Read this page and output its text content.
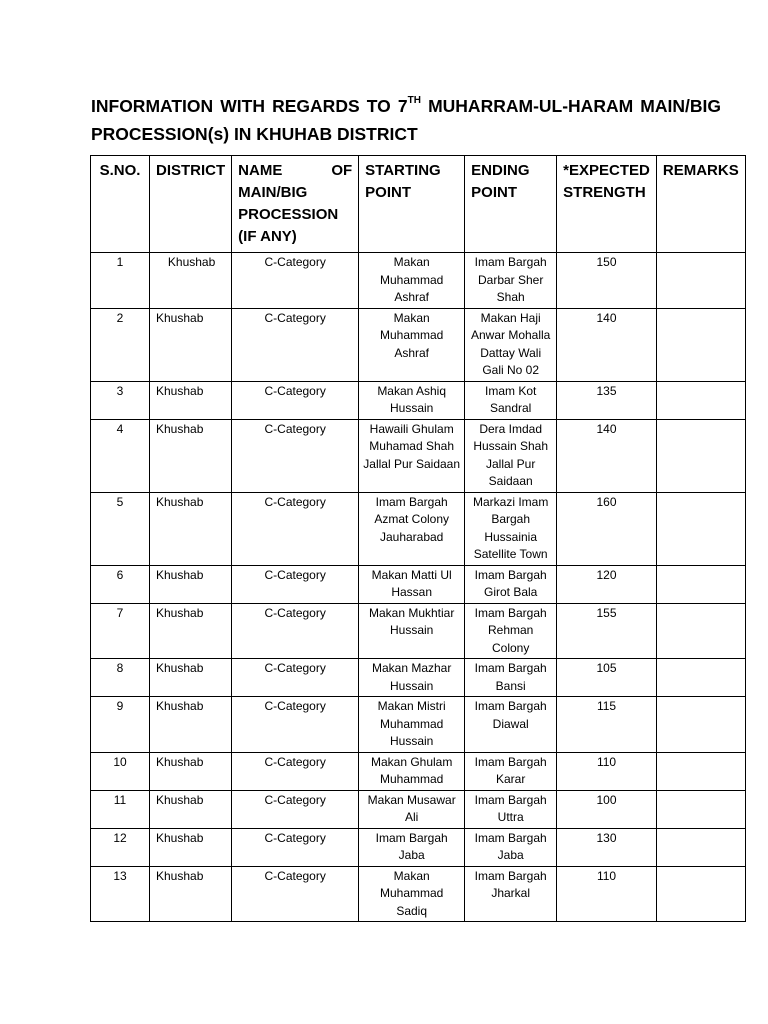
INFORMATION WITH REGARDS TO 7TH MUHARRAM-UL-HARAM MAIN/BIG PROCESSION(s) IN KHUHAB DISTRICT
S.NO.	DISTRICT	NAME OF MAIN/BIG PROCESSION (IF ANY)	STARTING POINT	ENDING POINT	*EXPECTED STRENGTH	REMARKS
1	Khushab	C-Category	Makan Muhammad Ashraf	Imam Bargah Darbar Sher Shah	150	
2	Khushab	C-Category	Makan Muhammad Ashraf	Makan Haji Anwar Mohalla Dattay Wali Gali No 02	140	
3	Khushab	C-Category	Makan Ashiq Hussain	Imam Kot Sandral	135	
4	Khushab	C-Category	Hawaili Ghulam Muhamad Shah Jallal Pur Saidaan	Dera Imdad Hussain Shah Jallal Pur Saidaan	140	
5	Khushab	C-Category	Imam Bargah Azmat Colony Jauharabad	Markazi Imam Bargah Hussainia Satellite Town	160	
6	Khushab	C-Category	Makan Matti Ul Hassan	Imam Bargah Girot Bala	120	
7	Khushab	C-Category	Makan Mukhtiar Hussain	Imam Bargah Rehman Colony	155	
8	Khushab	C-Category	Makan Mazhar Hussain	Imam Bargah Bansi	105	
9	Khushab	C-Category	Makan Mistri Muhammad Hussain	Imam Bargah Diawal	115	
10	Khushab	C-Category	Makan Ghulam Muhammad	Imam Bargah Karar	110	
11	Khushab	C-Category	Makan Musawar Ali	Imam Bargah Uttra	100	
12	Khushab	C-Category	Imam Bargah Jaba	Imam Bargah Jaba	130	
13	Khushab	C-Category	Makan Muhammad Sadiq	Imam Bargah Jharkal	110	
